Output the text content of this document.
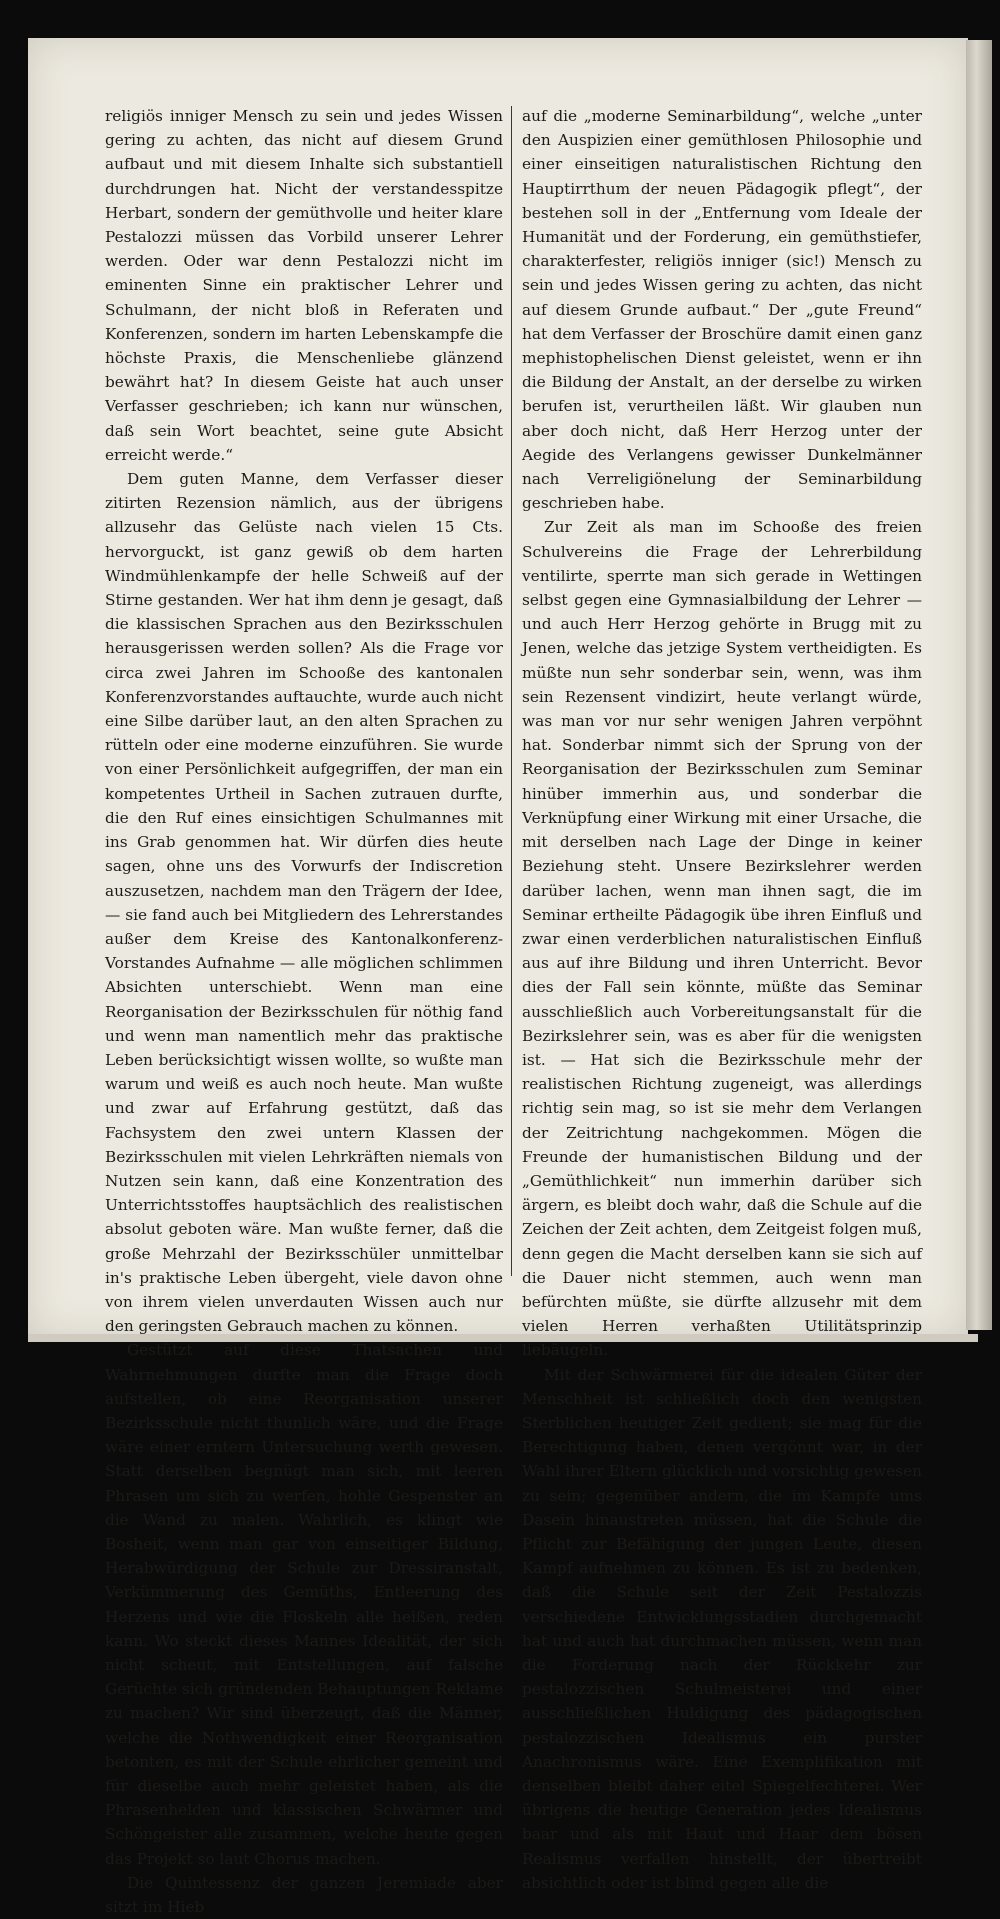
religiös inniger Mensch zu sein und jedes Wissen gering zu achten, das nicht auf diesem Grund aufbaut und mit diesem Inhalte sich substantiell durchdrungen hat. Nicht der verstandesspitze Herbart, sondern der gemüthvolle und heiter klare Pestalozzi müssen das Vorbild unserer Lehrer werden. Oder war denn Pestalozzi nicht im eminenten Sinne ein praktischer Lehrer und Schulmann, der nicht bloß in Referaten und Konferenzen, sondern im harten Lebenskampfe die höchste Praxis, die Menschenliebe glänzend bewährt hat? In diesem Geiste hat auch unser Verfasser geschrieben; ich kann nur wünschen, daß sein Wort beachtet, seine gute Absicht erreicht werde.“

Dem guten Manne, dem Verfasser dieser zitirten Rezension nämlich, aus der übrigens allzusehr das Gelüste nach vielen 15 Cts. hervorguckt, ist ganz gewiß ob dem harten Windmühlenkampfe der helle Schweiß auf der Stirne gestanden. Wer hat ihm denn je gesagt, daß die klassischen Sprachen aus den Bezirksschulen herausgerissen werden sollen? Als die Frage vor circa zwei Jahren im Schooße des kantonalen Konferenzvorstandes auftauchte, wurde auch nicht eine Silbe darüber laut, an den alten Sprachen zu rütteln oder eine moderne einzuführen. Sie wurde von einer Persönlichkeit aufgegriffen, der man ein kompetentes Urtheil in Sachen zutrauen durfte, die den Ruf eines einsichtigen Schulmannes mit ins Grab genommen hat. Wir dürfen dies heute sagen, ohne uns des Vorwurfs der Indiscretion auszusetzen, nachdem man den Trägern der Idee, — sie fand auch bei Mitgliedern des Lehrerstandes außer dem Kreise des Kantonalkonferenz-Vorstandes Aufnahme — alle möglichen schlimmen Absichten unterschiebt. Wenn man eine Reorganisation der Bezirksschulen für nöthig fand und wenn man namentlich mehr das praktische Leben berücksichtigt wissen wollte, so wußte man warum und weiß es auch noch heute. Man wußte und zwar auf Erfahrung gestützt, daß das Fachsystem den zwei untern Klassen der Bezirksschulen mit vielen Lehrkräften niemals von Nutzen sein kann, daß eine Konzentration des Unterrichtsstoffes hauptsächlich des realistischen absolut geboten wäre. Man wußte ferner, daß die große Mehrzahl der Bezirksschüler unmittelbar in's praktische Leben übergeht, viele davon ohne von ihrem vielen unverdauten Wissen auch nur den geringsten Gebrauch machen zu können.

Gestützt auf diese Thatsachen und Wahrnehmungen durfte man die Frage doch aufstellen, ob eine Reorganisation unserer Bezirksschule nicht thunlich wäre, und die Frage wäre einer erntern Untersuchung werth gewesen. Statt derselben begnügt man sich, mit leeren Phrasen um sich zu werfen, hohle Gespenster an die Wand zu malen. Wahrlich, es klingt wie Bosheit, wenn man gar von einseitiger Bildung, Herabwürdigung der Schule zur Dressiranstalt, Verkümmerung des Gemüths, Entleerung des Herzens und wie die Floskeln alle heißen, reden kann. Wo steckt dieses Mannes Idealität, der sich nicht scheut, mit Entstellungen, auf falsche Gerüchte sich gründenden Behauptungen Reklame zu machen? Wir sind überzeugt, daß die Männer, welche die Nothwendigkeit einer Reorganisation betonten, es mit der Schule ehrlicher gemeint und für dieselbe auch mehr geleistet haben, als die Phrasenhelden und klassischen Schwärmer und Schöngeister alle zusammen, welche heute gegen das Projekt so laut Chorus machen.

Die Quintessenz der ganzen Jeremiade aber sitzt im Hieb

auf die „moderne Seminarbildung“, welche „unter den Auspizien einer gemüthlosen Philosophie und einer einseitigen naturalistischen Richtung den Hauptirrthum der neuen Pädagogik pflegt“, der bestehen soll in der „Entfernung vom Ideale der Humanität und der Forderung, ein gemüthstiefer, charakterfester, religiös inniger (sic!) Mensch zu sein und jedes Wissen gering zu achten, das nicht auf diesem Grunde aufbaut.“ Der „gute Freund“ hat dem Verfasser der Broschüre damit einen ganz mephistophelischen Dienst geleistet, wenn er ihn die Bildung der Anstalt, an der derselbe zu wirken berufen ist, verurtheilen läßt. Wir glauben nun aber doch nicht, daß Herr Herzog unter der Aegide des Verlangens gewisser Dunkelmänner nach Verreligiönelung der Seminarbildung geschrieben habe.

Zur Zeit als man im Schooße des freien Schulvereins die Frage der Lehrerbildung ventilirte, sperrte man sich gerade in Wettingen selbst gegen eine Gymnasialbildung der Lehrer — und auch Herr Herzog gehörte in Brugg mit zu Jenen, welche das jetzige System vertheidigten. Es müßte nun sehr sonderbar sein, wenn, was ihm sein Rezensent vindizirt, heute verlangt würde, was man vor nur sehr wenigen Jahren verpöhnt hat. Sonderbar nimmt sich der Sprung von der Reorganisation der Bezirksschulen zum Seminar hinüber immerhin aus, und sonderbar die Verknüpfung einer Wirkung mit einer Ursache, die mit derselben nach Lage der Dinge in keiner Beziehung steht. Unsere Bezirkslehrer werden darüber lachen, wenn man ihnen sagt, die im Seminar ertheilte Pädagogik übe ihren Einfluß und zwar einen verderblichen naturalistischen Einfluß aus auf ihre Bildung und ihren Unterricht. Bevor dies der Fall sein könnte, müßte das Seminar ausschließlich auch Vorbereitungsanstalt für die Bezirkslehrer sein, was es aber für die wenigsten ist. — Hat sich die Bezirksschule mehr der realistischen Richtung zugeneigt, was allerdings richtig sein mag, so ist sie mehr dem Verlangen der Zeitrichtung nachgekommen. Mögen die Freunde der humanistischen Bildung und der „Gemüthlichkeit“ nun immerhin darüber sich ärgern, es bleibt doch wahr, daß die Schule auf die Zeichen der Zeit achten, dem Zeitgeist folgen muß, denn gegen die Macht derselben kann sie sich auf die Dauer nicht stemmen, auch wenn man befürchten müßte, sie dürfte allzusehr mit dem vielen Herren verhaßten Utilitätsprinzip liebäugeln.

Mit der Schwärmerei für die idealen Güter der Menschheit ist schließlich doch den wenigsten Sterblichen heutiger Zeit gedient; sie mag für die Berechtigung haben, denen vergönnt war, in der Wahl ihrer Eltern glücklich und vorsichtig gewesen zu sein; gegenüber andern, die im Kampfe ums Dasein hinaustreten müssen, hat die Schule die Pflicht zur Befähigung der jungen Leute, diesen Kampf aufnehmen zu können. Es ist zu bedenken, daß die Schule seit der Zeit Pestalozzis verschiedene Entwicklungsstadien durchgemacht hat und auch hat durchmachen müssen, wenn man die Forderung nach der Rückkehr zur pestalozzischen Schulmeisterei und einer ausschließlichen Huldigung des pädagogischen pestalozzischen Idealismus ein purster Anachronismus wäre. Eine Exemplifikation mit denselben bleibt daher eitel Spiegelfechterei. Wer übrigens die heutige Generation jedes Idealismus baar und als mit Haut und Haar dem bösen Realismus verfallen hinstellt, der übertreibt absichtlich oder ist blind gegen alle die
